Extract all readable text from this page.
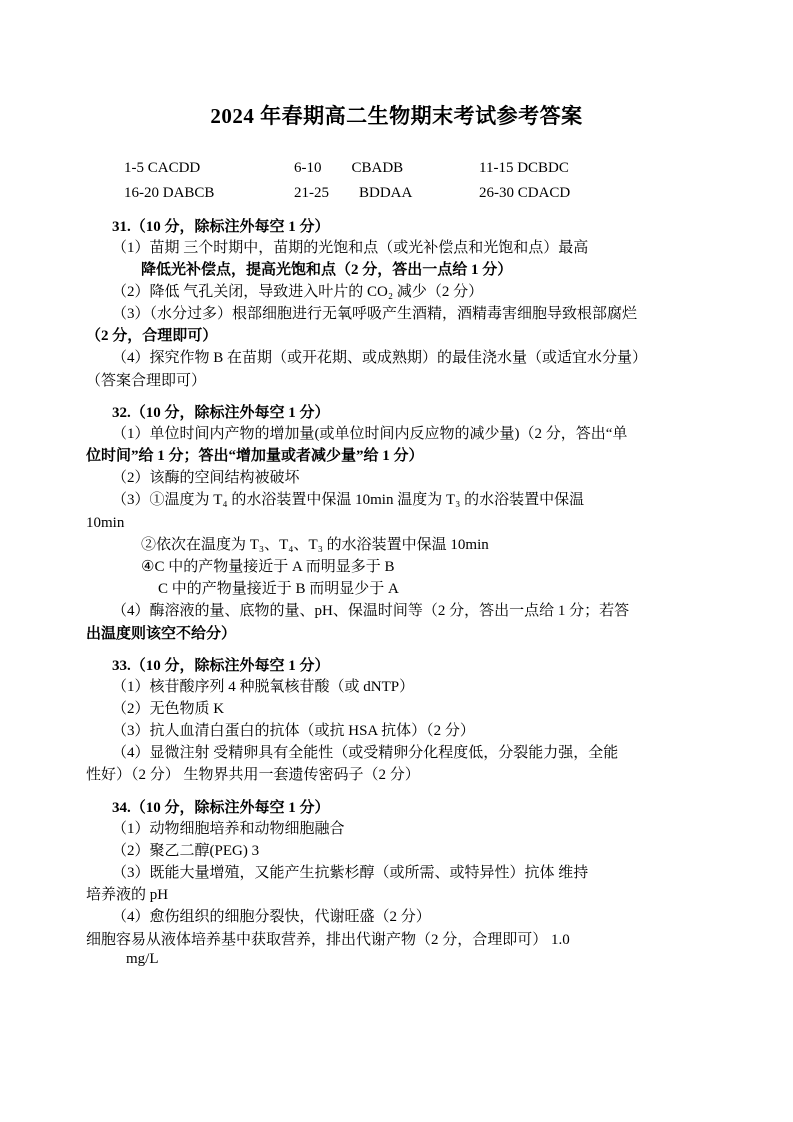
2024 年春期高二生物期末考试参考答案
1-5 CACDD	6-10 CBADB	11-15 DCBDC
16-20 DABCB	21-25 BDDAA	26-30 CDACD
31.（10 分，除标注外每空 1 分）
（1）苗期 三个时期中，苗期的光饱和点（或光补偿点和光饱和点）最高
降低光补偿点，提高光饱和点（2 分，答出一点给 1 分）
（2）降低 气孔关闭，导致进入叶片的 CO₂ 减少（2 分）
（3）（水分过多）根部细胞进行无氧呼吸产生酒精，酒精毒害细胞导致根部腐烂
（2 分，合理即可）
（4）探究作物 B 在苗期（或开花期、或成熟期）的最佳浇水量（或适宜水分量）
（答案合理即可）
32.（10 分，除标注外每空 1 分）
（1）单位时间内产物的增加量(或单位时间内反应物的减少量)（2 分，答出“单
位时间”给 1 分；答出“增加量或者减少量”给 1 分）
（2）该酶的空间结构被破坏
（3）①温度为 T₄ 的水浴装置中保温 10min 温度为 T₃ 的水浴装置中保温
10min
②依次在温度为 T₃、T₄、T₃ 的水浴装置中保温 10min
④C 中的产物量接近于 A 而明显多于 B
C 中的产物量接近于 B 而明显少于 A
（4）酶溶液的量、底物的量、pH、保温时间等（2 分，答出一点给 1 分；若答
出温度则该空不给分）
33.（10 分，除标注外每空 1 分）
（1）核苷酸序列 4 种脱氧核苷酸（或 dNTP）
（2）无色物质 K
（3）抗人血清白蛋白的抗体（或抗 HSA 抗体）（2 分）
（4）显微注射 受精卵具有全能性（或受精卵分化程度低，分裂能力强，全能
性好）（2 分） 生物界共用一套遗传密码子（2 分）
34.（10 分，除标注外每空 1 分）
（1）动物细胞培养和动物细胞融合
（2）聚乙二醇(PEG) 3
（3）既能大量增殖，又能产生抗紫杉醇（或所需、或特异性）抗体 维持
培养液的 pH
（4）愈伤组织的细胞分裂快，代谢旺盛（2 分）
细胞容易从液体培养基中获取营养，排出代谢产物（2 分，合理即可） 1.0
mg/L
